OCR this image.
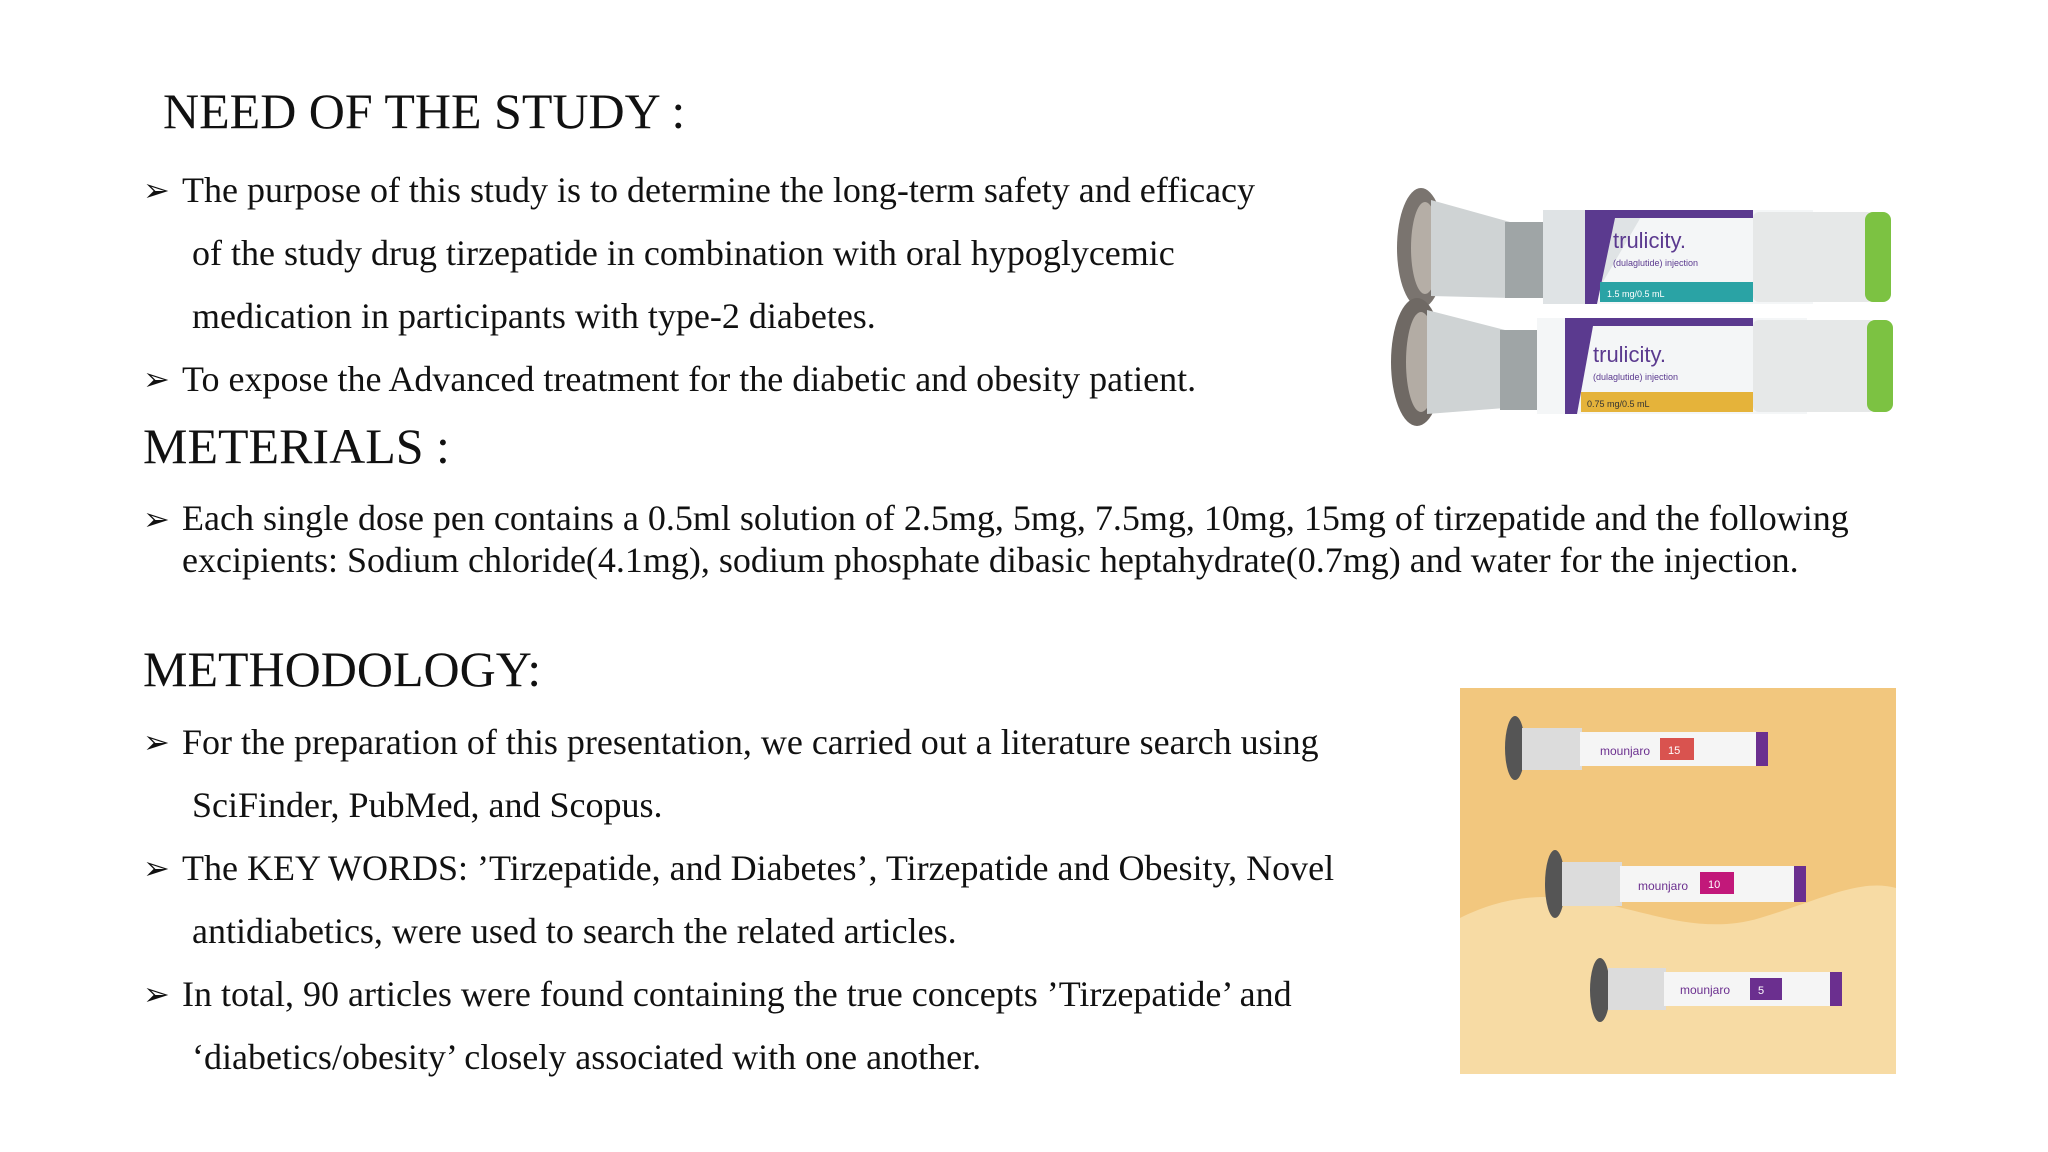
NEED OF THE STUDY :
➢ The purpose of this study is to determine the long-term safety and efficacy
of the study drug tirzepatide in combination with oral hypoglycemic
medication in participants with type-2 diabetes.
➢ To expose the Advanced treatment for the diabetic and obesity patient.
METERIALS :
➢ Each single dose pen contains a 0.5ml solution of 2.5mg, 5mg, 7.5mg, 10mg, 15mg of tirzepatide and the following excipients: Sodium chloride(4.1mg), sodium phosphate dibasic heptahydrate(0.7mg) and water for the injection.
METHODOLOGY:
➢ For the preparation of this presentation, we carried out a literature search using
SciFinder, PubMed, and Scopus.
➢ The KEY WORDS: ’Tirzepatide, and Diabetes’, Tirzepatide and Obesity, Novel
antidiabetics, were used to search the related articles.
➢ In total, 90 articles were found containing the true concepts ’Tirzepatide’ and
‘diabetics/obesity’ closely associated with one another.
trulicity.
(dulaglutide) injection
1.5 mg/0.5 mL
trulicity.
(dulaglutide) injection
0.75 mg/0.5 mL
mounjaro 15
mounjaro 10
mounjaro	5
